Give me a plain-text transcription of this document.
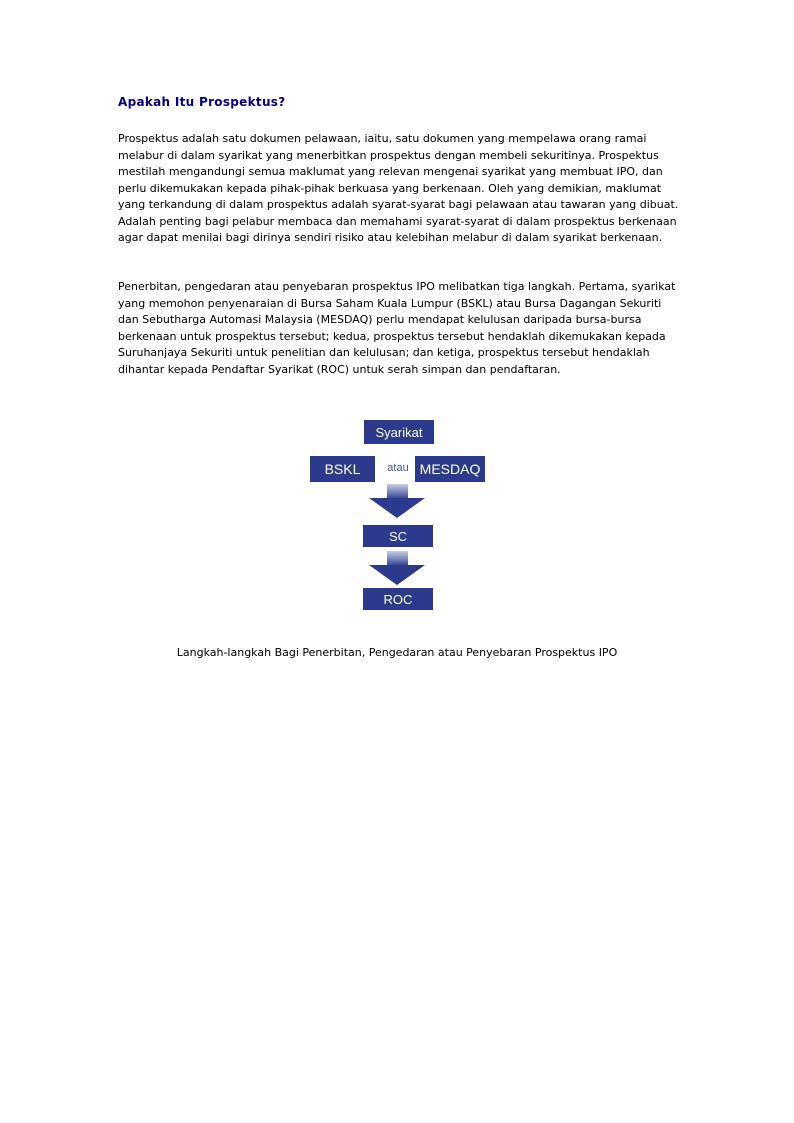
Apakah Itu Prospektus?

Prospektus adalah satu dokumen pelawaan, iaitu, satu dokumen yang mempelawa orang ramai melabur di dalam syarikat yang menerbitkan prospektus dengan membeli sekuritinya. Prospektus mestilah mengandungi semua maklumat yang relevan mengenai syarikat yang membuat IPO, dan perlu dikemukakan kepada pihak-pihak berkuasa yang berkenaan. Oleh yang demikian, maklumat yang terkandung di dalam prospektus adalah syarat-syarat bagi pelawaan atau tawaran yang dibuat. Adalah penting bagi pelabur membaca dan memahami syarat-syarat di dalam prospektus berkenaan agar dapat menilai bagi dirinya sendiri risiko atau kelebihan melabur di dalam syarikat berkenaan.

Penerbitan, pengedaran atau penyebaran prospektus IPO melibatkan tiga langkah. Pertama, syarikat yang memohon penyenaraian di Bursa Saham Kuala Lumpur (BSKL) atau Bursa Dagangan Sekuriti dan Sebutharga Automasi Malaysia (MESDAQ) perlu mendapat kelulusan daripada bursa-bursa berkenaan untuk prospektus tersebut; kedua, prospektus tersebut hendaklah dikemukakan kepada Suruhanjaya Sekuriti untuk penelitian dan kelulusan; dan ketiga, prospektus tersebut hendaklah dihantar kepada Pendaftar Syarikat (ROC) untuk serah simpan dan pendaftaran.

Syarikat
BSKL	atau MESDAQ
SC
ROC
Langkah-langkah Bagi Penerbitan, Pengedaran atau Penyebaran Prospektus IPO
